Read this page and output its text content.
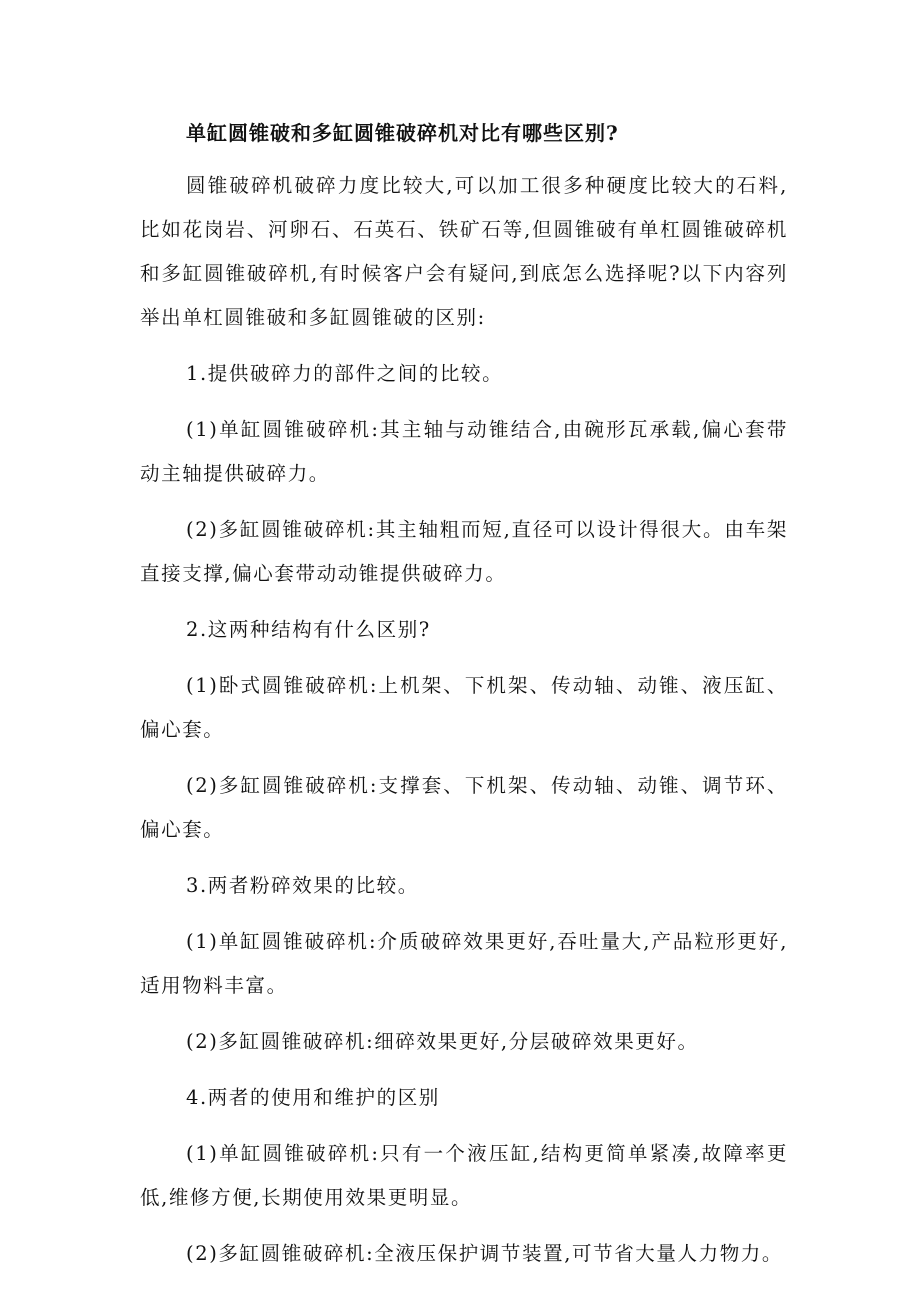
单缸圆锥破和多缸圆锥破碎机对比有哪些区别?
圆锥破碎机破碎力度比较大,可以加工很多种硬度比较大的石料,比如花岗岩、河卵石、石英石、铁矿石等,但圆锥破有单杠圆锥破碎机和多缸圆锥破碎机,有时候客户会有疑问,到底怎么选择呢?以下内容列举出单杠圆锥破和多缸圆锥破的区别:
1.提供破碎力的部件之间的比较。
(1)单缸圆锥破碎机:其主轴与动锥结合,由碗形瓦承载,偏心套带动主轴提供破碎力。
(2)多缸圆锥破碎机:其主轴粗而短,直径可以设计得很大。由车架直接支撑,偏心套带动动锥提供破碎力。
2.这两种结构有什么区别?
(1)卧式圆锥破碎机:上机架、下机架、传动轴、动锥、液压缸、偏心套。
(2)多缸圆锥破碎机:支撑套、下机架、传动轴、动锥、调节环、偏心套。
3.两者粉碎效果的比较。
(1)单缸圆锥破碎机:介质破碎效果更好,吞吐量大,产品粒形更好,适用物料丰富。
(2)多缸圆锥破碎机:细碎效果更好,分层破碎效果更好。
4.两者的使用和维护的区别
(1)单缸圆锥破碎机:只有一个液压缸,结构更简单紧凑,故障率更低,维修方便,长期使用效果更明显。
(2)多缸圆锥破碎机:全液压保护调节装置,可节省大量人力物力。
